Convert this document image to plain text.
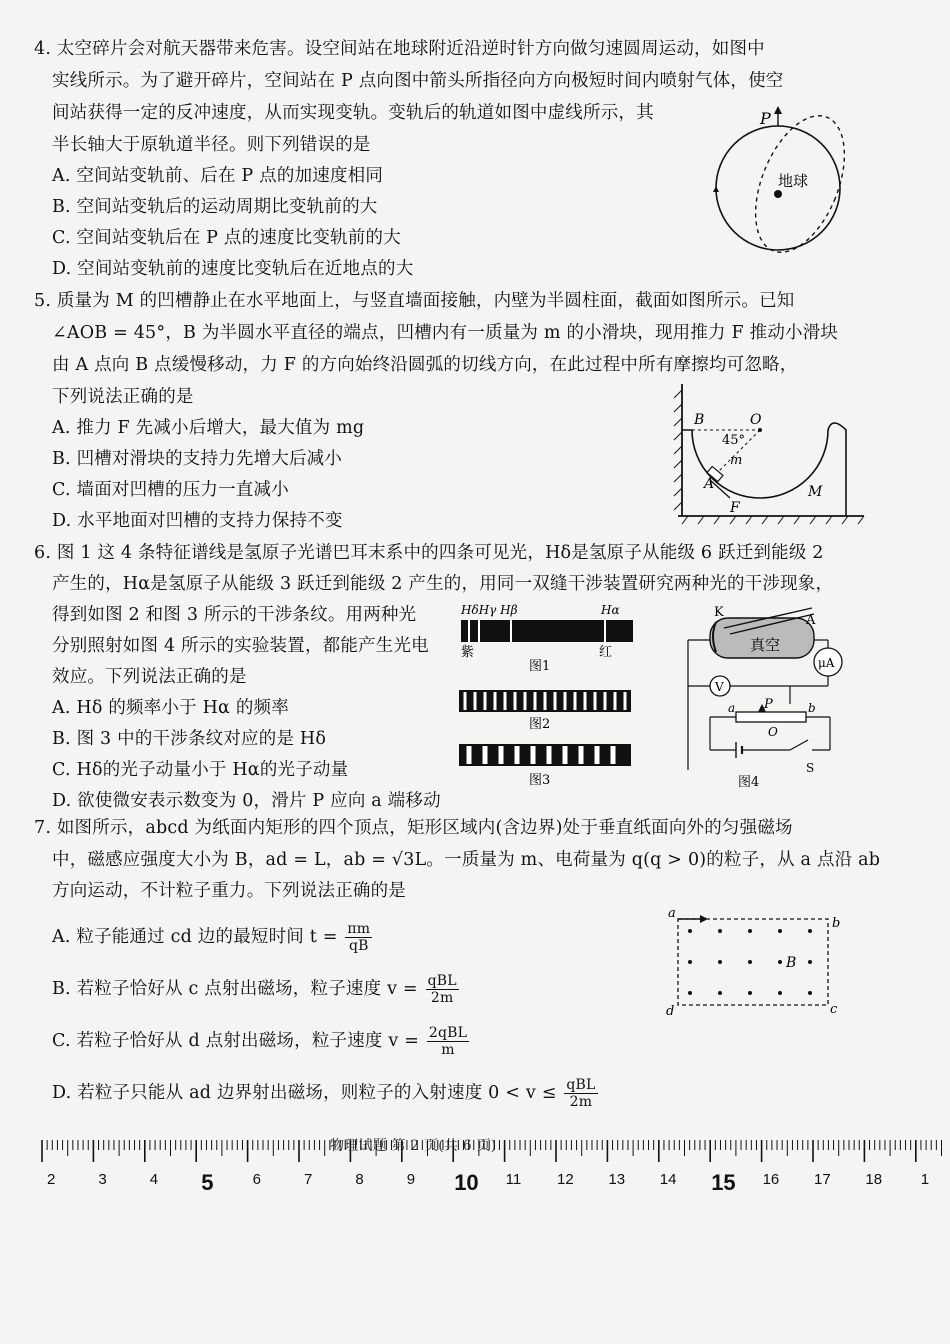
4. 太空碎片会对航天器带来危害。设空间站在地球附近沿逆时针方向做匀速圆周运动，如图中
实线所示。为了避开碎片，空间站在 P 点向图中箭头所指径向方向极短时间内喷射气体，使空
间站获得一定的反冲速度，从而实现变轨。变轨后的轨道如图中虚线所示，其
半长轴大于原轨道半径。则下列错误的是
A. 空间站变轨前、后在 P 点的加速度相同
B. 空间站变轨后的运动周期比变轨前的大
C. 空间站变轨后在 P 点的速度比变轨前的大
D. 空间站变轨前的速度比变轨后在近地点的大
P
地球
5. 质量为 M 的凹槽静止在水平地面上，与竖直墙面接触，内壁为半圆柱面，截面如图所示。已知
∠AOB = 45°，B 为半圆水平直径的端点，凹槽内有一质量为 m 的小滑块，现用推力 F 推动小滑块
由 A 点向 B 点缓慢移动，力 F 的方向始终沿圆弧的切线方向，在此过程中所有摩擦均可忽略，
下列说法正确的是
A. 推力 F 先减小后增大，最大值为 mg
B. 凹槽对滑块的支持力先增大后减小
C. 墙面对凹槽的压力一直减小
D. 水平地面对凹槽的支持力保持不变
B	O
45°
m
A
F
M
6. 图 1 这 4 条特征谱线是氢原子光谱巴耳末系中的四条可见光，Hδ是氢原子从能级 6 跃迁到能级 2
产生的，Hα是氢原子从能级 3 跃迁到能级 2 产生的，用同一双缝干涉装置研究两种光的干涉现象，
得到如图 2 和图 3 所示的干涉条纹。用两种光
分别照射如图 4 所示的实验装置，都能产生光电
效应。下列说法正确的是
A. Hδ 的频率小于 Hα 的频率
B. 图 3 中的干涉条纹对应的是 Hδ
C. Hδ的光子动量小于 Hα的光子动量
D. 欲使微安表示数变为 0，滑片 P 应向 a 端移动
HδHγ Hβ	Hα
紫	红
图1
图2
图3
K
A
真空
μA
V
a P	b
O
S
图4
7. 如图所示，abcd 为纸面内矩形的四个顶点，矩形区域内(含边界)处于垂直纸面向外的匀强磁场
中，磁感应强度大小为 B，ad = L，ab = √3L。一质量为 m、电荷量为 q(q > 0)的粒子，从 a 点沿 ab
方向运动，不计粒子重力。下列说法正确的是
A. 粒子能通过 cd 边的最短时间 $t = \frac{\pi m}{qB}$
B. 若粒子恰好从 c 点射出磁场，粒子速度 v = qBL
2m
C. 若粒子恰好从 d 点射出磁场，粒子速度 v = 2qBL
m
D. 若粒子只能从 ad 边界射出磁场，则粒子的入射速度 0 < v ≤ qBL
2m
B
a
b
c
d
物理试题 第 2 页(共 6 页)
2	3	4 5	6	7	8	9 10 11 12 13 14 15 16 17 18	1
